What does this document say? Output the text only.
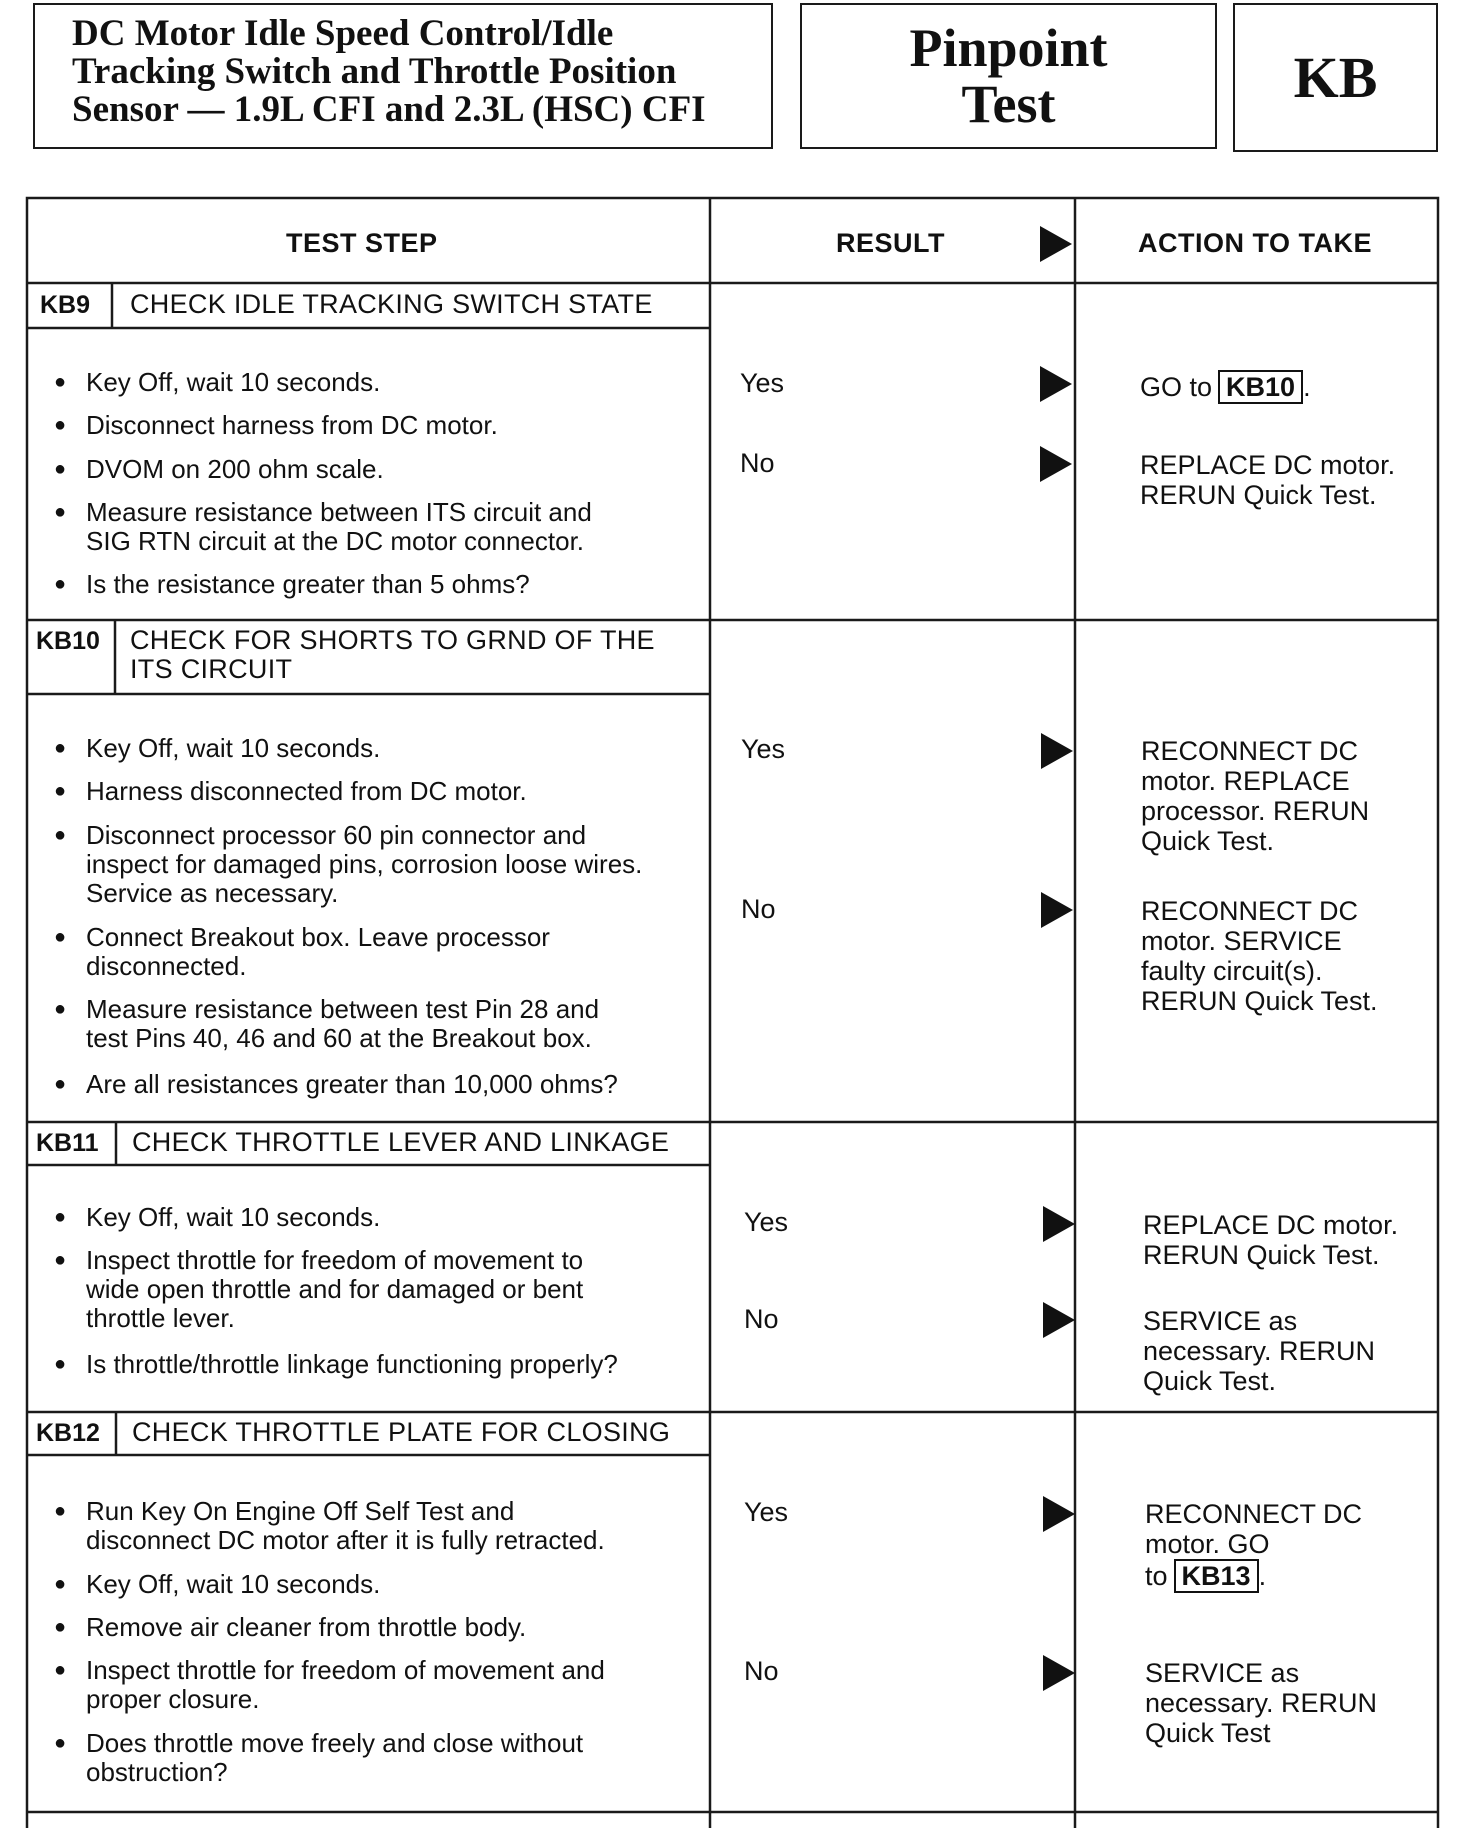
DC Motor Idle Speed Control/Idle
Tracking Switch and Throttle Position
Sensor — 1.9L CFI and 2.3L (HSC) CFI
Pinpoint
Test	KB
TEST STEP	RESULT	ACTION TO TAKE
KB9 CHECK IDLE TRACKING SWITCH STATE
● Key Off, wait 10 seconds.
● Disconnect harness from DC motor.
● DVOM on 200 ohm scale.
● Measure resistance between ITS circuit and
SIG RTN circuit at the DC motor connector.
● Is the resistance greater than 5 ohms?
Yes	GO to KB10 .
No	REPLACE DC motor.
RERUN Quick Test.
KB10 CHECK FOR SHORTS TO GRND OF THE
ITS CIRCUIT
● Key Off, wait 10 seconds.
● Harness disconnected from DC motor.
● Disconnect processor 60 pin connector and
inspect for damaged pins, corrosion loose wires.
Service as necessary.
● Connect Breakout box. Leave processor
disconnected.
● Measure resistance between test Pin 28 and
test Pins 40, 46 and 60 at the Breakout box.
● Are all resistances greater than 10,000 ohms?
Yes	RECONNECT DC
motor. REPLACE
processor. RERUN
Quick Test.
No	RECONNECT DC
motor. SERVICE
faulty circuit(s).
RERUN Quick Test.
KB11 CHECK THROTTLE LEVER AND LINKAGE
● Key Off, wait 10 seconds.
● Inspect throttle for freedom of movement to
wide open throttle and for damaged or bent
throttle lever.
● Is throttle/throttle linkage functioning properly?
Yes	REPLACE DC motor.
RERUN Quick Test.
No	SERVICE as
necessary. RERUN
Quick Test.
KB12 CHECK THROTTLE PLATE FOR CLOSING
● Run Key On Engine Off Self Test and
disconnect DC motor after it is fully retracted.
● Key Off, wait 10 seconds.
● Remove air cleaner from throttle body.
● Inspect throttle for freedom of movement and
proper closure.
● Does throttle move freely and close without
obstruction?
Yes	RECONNECT DC
motor. GO
to KB13 .
No	SERVICE as
necessary. RERUN
Quick Test
